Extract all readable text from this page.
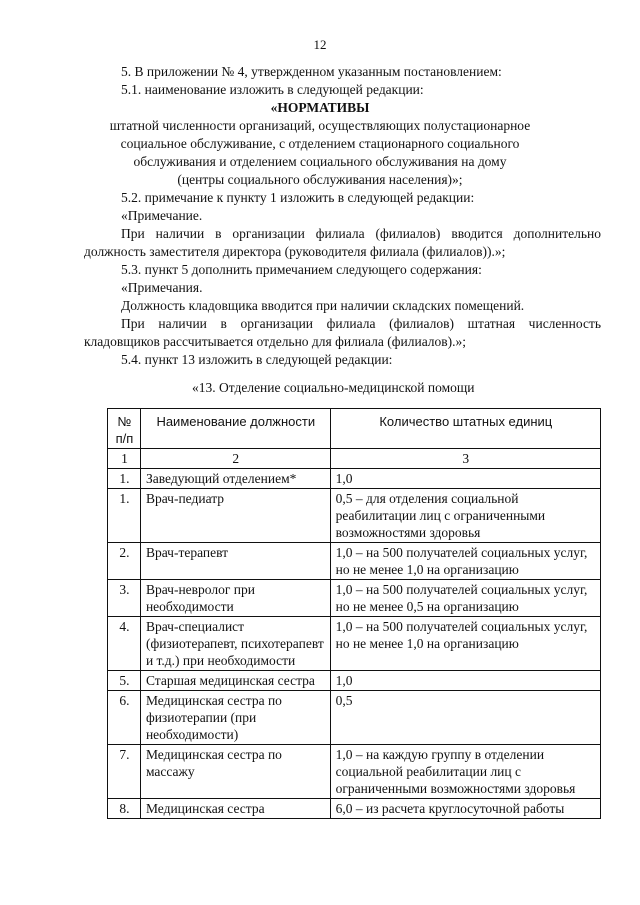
12
5. В приложении № 4, утвержденном указанным постановлением:
5.1. наименование изложить в следующей редакции:
«НОРМАТИВЫ
штатной численности организаций, осуществляющих полустационарное
социальное обслуживание, с отделением стационарного социального
обслуживания и отделением социального обслуживания на дому
(центры социального обслуживания населения)»;
5.2. примечание к пункту 1 изложить в следующей редакции:
«Примечание.
При наличии в организации филиала (филиалов) вводится дополнительно
должность заместителя директора (руководителя филиала (филиалов)).»;
5.3. пункт 5 дополнить примечанием следующего содержания:
«Примечания.
Должность кладовщика вводится при наличии складских помещений.
При наличии в организации филиала (филиалов) штатная численность
кладовщиков рассчитывается отдельно для филиала (филиалов).»;
5.4. пункт 13 изложить в следующей редакции:
«13. Отделение социально-медицинской помощи
№
п/п	Наименование должности	Количество штатных единиц
1	2	3
1.	Заведующий отделением*	1,0
1.	Врач-педиатр	0,5 – для отделения социальной реабилитации лиц с ограниченными возможностями здоровья
2.	Врач-терапевт	1,0 – на 500 получателей социальных услуг, но не менее 1,0 на организацию
3.	Врач-невролог при необходимости	1,0 – на 500 получателей социальных услуг, но не менее 0,5 на организацию
4.	Врач-специалист (физиотерапевт, психотерапевт и т.д.) при необходимости	1,0 – на 500 получателей социальных услуг, но не менее 1,0 на организацию
5.	Старшая медицинская сестра	1,0
6.	Медицинская сестра по физиотерапии (при необходимости)	0,5
7.	Медицинская сестра по массажу	1,0 – на каждую группу в отделении социальной реабилитации лиц с ограниченными возможностями здоровья
8.	Медицинская сестра	6,0 – из расчета круглосуточной работы
